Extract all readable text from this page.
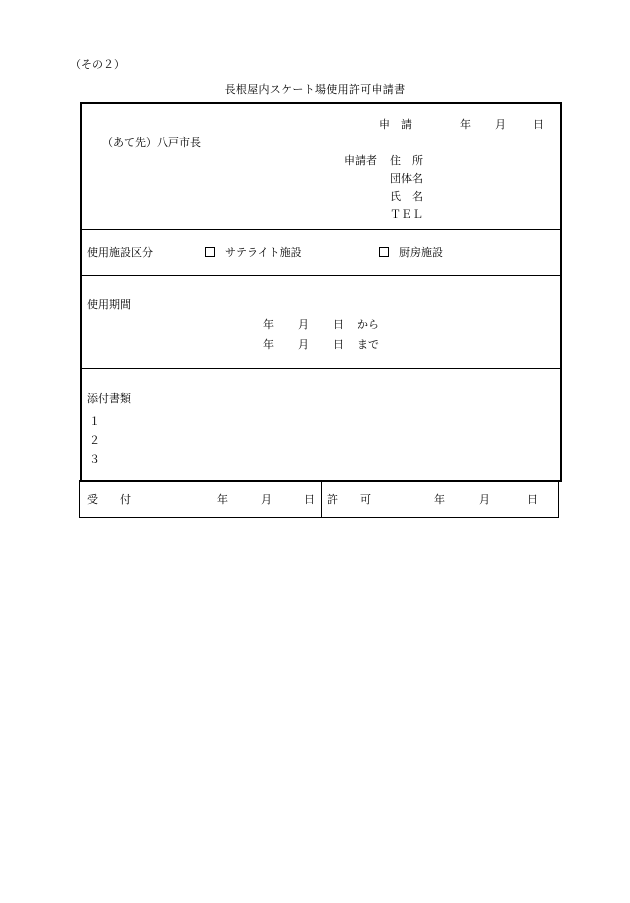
（その２）
長根屋内スケート場使用許可申請書
申　請	年 月 日
（あて先）八戸市長
申請者 住　所
団体名
氏　名
ＴＥＬ
使用施設区分	サテライト施設	厨房施設
使用期間
年 月 日 から
年 月 日 まで
添付書類
１
２
３
受　　付	年	月	日 許　　可	年	月	日
